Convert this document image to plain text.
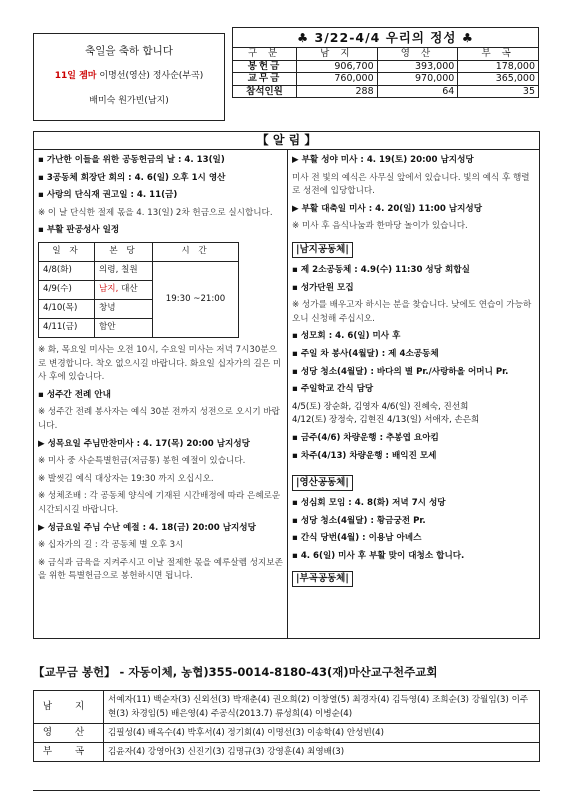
축일을 축하 합니다
11일 젬마 이명선(영산) 정사순(부곡)
배미숙 원가빈(남지)
♣ 3/22-4/4 우리의 정성 ♣
구 분	남 지	영 산	부 곡
봉헌금	906,700	393,000	178,000
교무금	760,000	970,000	365,000
참석인원	288	64	35
【 알 림 】

▪ 가난한 이들을 위한 공동헌금의 날 : 4. 13(일)

▪ 3공동체 회장단 회의 : 4. 6(일) 오후 1시 영산

▪ 사랑의 단식재 권고일 : 4. 11(금)

※ 이 날 단식한 절제 몫을 4. 13(일) 2차 헌금으로 실시합니다.

▪ 부활 판공성사 일정

일 자	본 당	시 간
4/8(화)	의령, 칠원	19:30 ~21:00
4/9(수)	남지, 대산	
4/10(목)	창녕	
4/11(금)	함안	

※ 화, 목요일 미사는 오전 10시, 수요일 미사는 저녁 7시30분으로 변경합니다. 착오 없으시길 바랍니다. 화요일 십자가의 길은 미사 후에 있습니다.

▪ 성주간 전례 안내

※ 성주간 전례 봉사자는 예식 30분 전까지 성전으로 오시기 바랍니다.

▶ 성목요일 주님만찬미사 : 4. 17(목) 20:00 남지성당

※ 미사 중 사순특별헌금(저금통) 봉헌 예절이 있습니다.

※ 발씻김 예식 대상자는 19:30 까지 오십시오.

※ 성체조배 : 각 공동체 양식에 기재된 시간배정에 따라 은혜로운 시간되시길 바랍니다.

▶ 성금요일 주님 수난 예절 : 4. 18(금) 20:00 남지성당

※ 십자가의 길 : 각 공동체 별 오후 3시

※ 금식과 금육을 지켜주시고 이날 절제한 몫을 예루살렘 성지보존을 위한 특별헌금으로 봉헌하시면 됩니다.

▶ 부활 성야 미사 : 4. 19(토) 20:00 남지성당

미사 전 빛의 예식은 사무실 앞에서 있습니다. 빛의 예식 후 행렬로 성전에 입당합니다.

▶ 부활 대축일 미사 : 4. 20(일) 11:00 남지성당

※ 미사 후 음식나눔과 한마당 놀이가 있습니다.

|남지공동체|

▪ 제 2소공동체 : 4.9(수) 11:30 성당 회합실

▪ 성가단원 모집

※ 성가를 배우고자 하시는 분을 찾습니다. 낮에도 연습이 가능하오니 신청해 주십시오.

▪ 성모회 : 4. 6(일) 미사 후

▪ 주일 차 봉사(4월달) : 제 4소공동체

▪ 성당 청소(4월달) : 바다의 별 Pr./사랑하올 어머니 Pr.

▪ 주일학교 간식 담당

4/5(토) 장순화, 김영자 4/6(일) 진혜숙, 진선희

4/12(토) 장정숙, 김현진 4/13(일) 서애자, 손은희

▪ 금주(4/6) 차량운행 : 추봉엽 요아킴

▪ 차주(4/13) 차량운행 : 배익진 모세

|영산공동체|

▪ 성심회 모임 : 4. 8(화) 저녁 7시 성당

▪ 성당 청소(4월달) : 황금궁전 Pr.

▪ 간식 당번(4월) : 이용남 아녜스

▪ 4. 6(일) 미사 후 부활 맞이 대청소 합니다.

|부곡공동체|
【교무금 봉헌】 - 자동이체, 농협)355-0014-8180-43(재)마산교구천주교회
남 지	서예자(11) 백순자(3) 신외선(3) 박재춘(4) 권오희(2) 이창열(5) 최경자(4) 김득영(4) 조희순(3) 강월임(3) 이주현(3) 차경임(5) 배은영(4) 주공식(2013.7) 류성희(4) 이병순(4)
영 산	김필성(4) 배옥수(4) 박후서(4) 정기회(4) 이명선(3) 이송학(4) 안성빈(4)
부 곡	김윤자(4) 강영아(3) 신진기(3) 김명규(3) 강영훈(4) 최영배(3)
